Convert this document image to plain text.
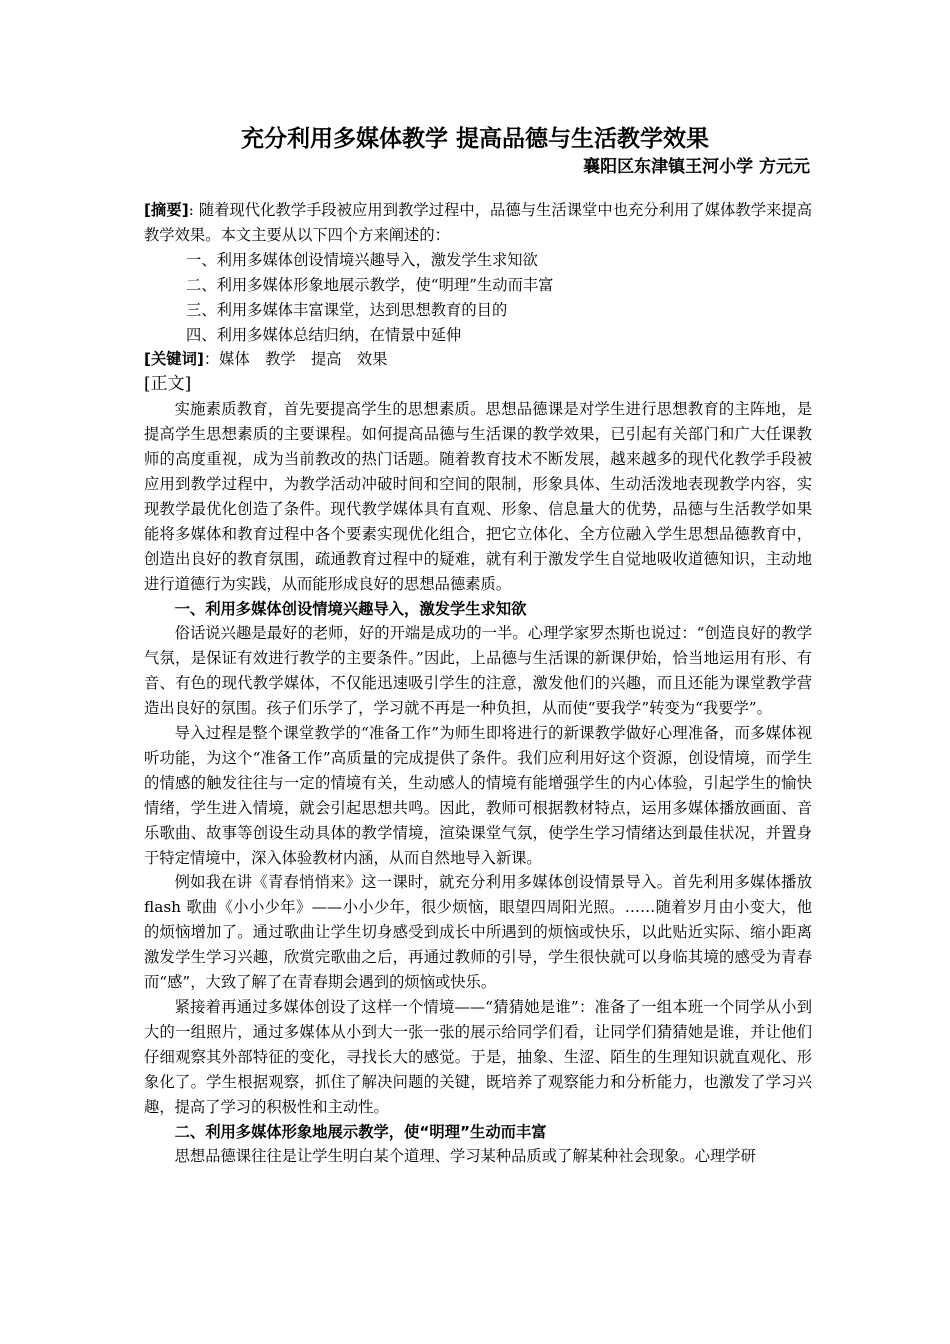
充分利用多媒体教学 提高品德与生活教学效果
襄阳区东津镇王河小学 方元元

[摘要]: 随着现代化教学手段被应用到教学过程中，品德与生活课堂中也充分利用了媒体教学来提高教学效果。本文主要从以下四个方来阐述的：

一、利用多媒体创设情境兴趣导入，激发学生求知欲

二、利用多媒体形象地展示教学，使“明理”生动而丰富

三、利用多媒体丰富课堂，达到思想教育的目的

四、利用多媒体总结归纳，在情景中延伸

[关键词]：媒体　教学　提高　效果

[正文]

实施素质教育，首先要提高学生的思想素质。思想品德课是对学生进行思想教育的主阵地，是提高学生思想素质的主要课程。如何提高品德与生活课的教学效果，已引起有关部门和广大任课教师的高度重视，成为当前教改的热门话题。随着教育技术不断发展，越来越多的现代化教学手段被应用到教学过程中，为教学活动冲破时间和空间的限制，形象具体、生动活泼地表现教学内容，实现教学最优化创造了条件。现代教学媒体具有直观、形象、信息量大的优势，品德与生活教学如果能将多媒体和教育过程中各个要素实现优化组合，把它立体化、全方位融入学生思想品德教育中，创造出良好的教育氛围，疏通教育过程中的疑难，就有利于激发学生自觉地吸收道德知识，主动地进行道德行为实践，从而能形成良好的思想品德素质。

一、利用多媒体创设情境兴趣导入，激发学生求知欲

俗话说兴趣是最好的老师，好的开端是成功的一半。心理学家罗杰斯也说过：“创造良好的教学气氛，是保证有效进行教学的主要条件。”因此，上品德与生活课的新课伊始，恰当地运用有形、有音、有色的现代教学媒体，不仅能迅速吸引学生的注意，激发他们的兴趣，而且还能为课堂教学营造出良好的氛围。孩子们乐学了，学习就不再是一种负担，从而使“要我学”转变为“我要学”。

导入过程是整个课堂教学的“准备工作”为师生即将进行的新课教学做好心理准备，而多媒体视听功能，为这个“准备工作”高质量的完成提供了条件。我们应利用好这个资源，创设情境，而学生的情感的触发往往与一定的情境有关，生动感人的情境有能增强学生的内心体验，引起学生的愉快情绪，学生进入情境，就会引起思想共鸣。因此，教师可根据教材特点，运用多媒体播放画面、音乐歌曲、故事等创设生动具体的教学情境，渲染课堂气氛，使学生学习情绪达到最佳状况，并置身于特定情境中，深入体验教材内涵，从而自然地导入新课。

例如我在讲《青春悄悄来》这一课时，就充分利用多媒体创设情景导入。首先利用多媒体播放 flash 歌曲《小小少年》——小小少年，很少烦恼，眼望四周阳光照。……随着岁月由小变大，他的烦恼增加了。通过歌曲让学生切身感受到成长中所遇到的烦恼或快乐，以此贴近实际、缩小距离激发学生学习兴趣，欣赏完歌曲之后，再通过教师的引导，学生很快就可以身临其境的感受为青春而“感”，大致了解了在青春期会遇到的烦恼或快乐。

紧接着再通过多媒体创设了这样一个情境——“猜猜她是谁”：准备了一组本班一个同学从小到大的一组照片，通过多媒体从小到大一张一张的展示给同学们看，让同学们猜猜她是谁，并让他们仔细观察其外部特征的变化，寻找长大的感觉。于是，抽象、生涩、陌生的生理知识就直观化、形象化了。学生根据观察，抓住了解决问题的关键，既培养了观察能力和分析能力，也激发了学习兴趣，提高了学习的积极性和主动性。

二、利用多媒体形象地展示教学，使“明理”生动而丰富

思想品德课往往是让学生明白某个道理、学习某种品质或了解某种社会现象。心理学研
